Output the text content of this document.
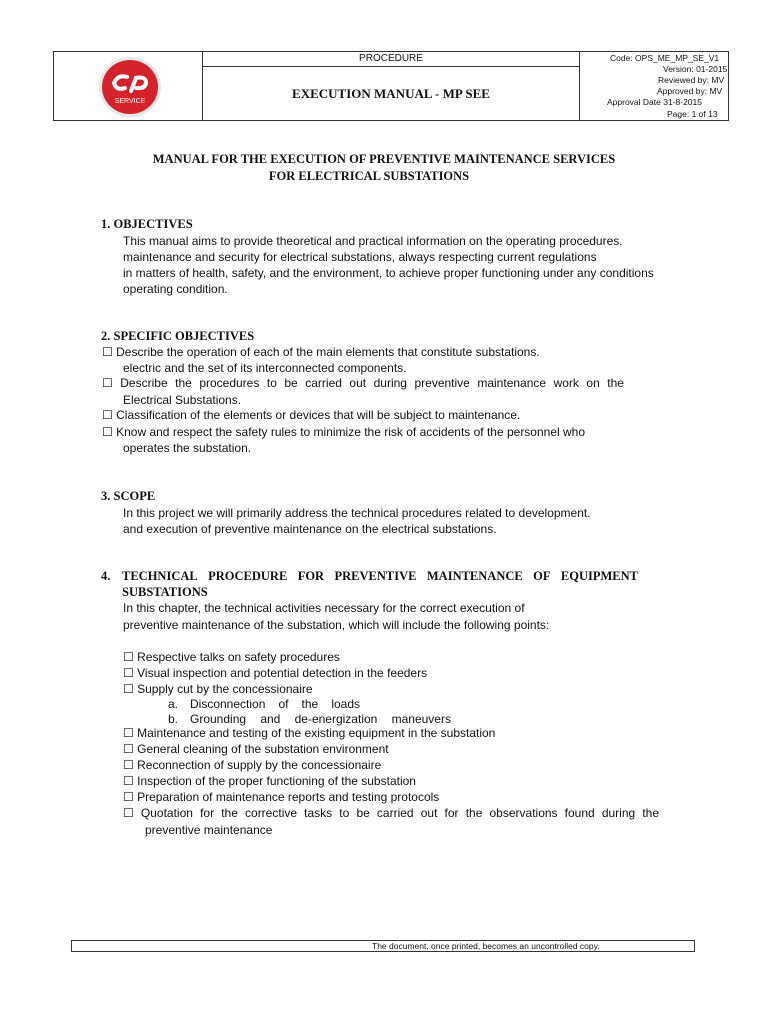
SERVICE
PROCEDURE
EXECUTION MANUAL - MP SEE
Code: OPS_ME_MP_SE_V1
Version: 01-2015
Reviewed by: MV
Approved by: MV
Approval Date 31-8-2015
Page: 1 of 13
MANUAL FOR THE EXECUTION OF PREVENTIVE MAINTENANCE SERVICES
FOR ELECTRICAL SUBSTATIONS
1. OBJECTIVES
This manual aims to provide theoretical and practical information on the operating procedures.
maintenance and security for electrical substations, always respecting current regulations
in matters of health, safety, and the environment, to achieve proper functioning under any conditions
operating condition.
2. SPECIFIC OBJECTIVES
☐ Describe the operation of each of the main elements that constitute substations.
electric and the set of its interconnected components.
☐ Describe the procedures to be carried out during preventive maintenance work on the
Electrical Substations.
☐ Classification of the elements or devices that will be subject to maintenance.
☐ Know and respect the safety rules to minimize the risk of accidents of the personnel who
operates the substation.
3. SCOPE
In this project we will primarily address the technical procedures related to development.
and execution of preventive maintenance on the electrical substations.
4. TECHNICAL PROCEDURE FOR PREVENTIVE MAINTENANCE OF EQUIPMENT
SUBSTATIONS
In this chapter, the technical activities necessary for the correct execution of
preventive maintenance of the substation, which will include the following points:
☐ Respective talks on safety procedures
☐ Visual inspection and potential detection in the feeders
☐ Supply cut by the concessionaire
a. Disconnection of the loads
b. Grounding and de-energization maneuvers
☐ Maintenance and testing of the existing equipment in the substation
☐ General cleaning of the substation environment
☐ Reconnection of supply by the concessionaire
☐ Inspection of the proper functioning of the substation
☐ Preparation of maintenance reports and testing protocols
☐ Quotation for the corrective tasks to be carried out for the observations found during the
preventive maintenance
The document, once printed, becomes an uncontrolled copy.
